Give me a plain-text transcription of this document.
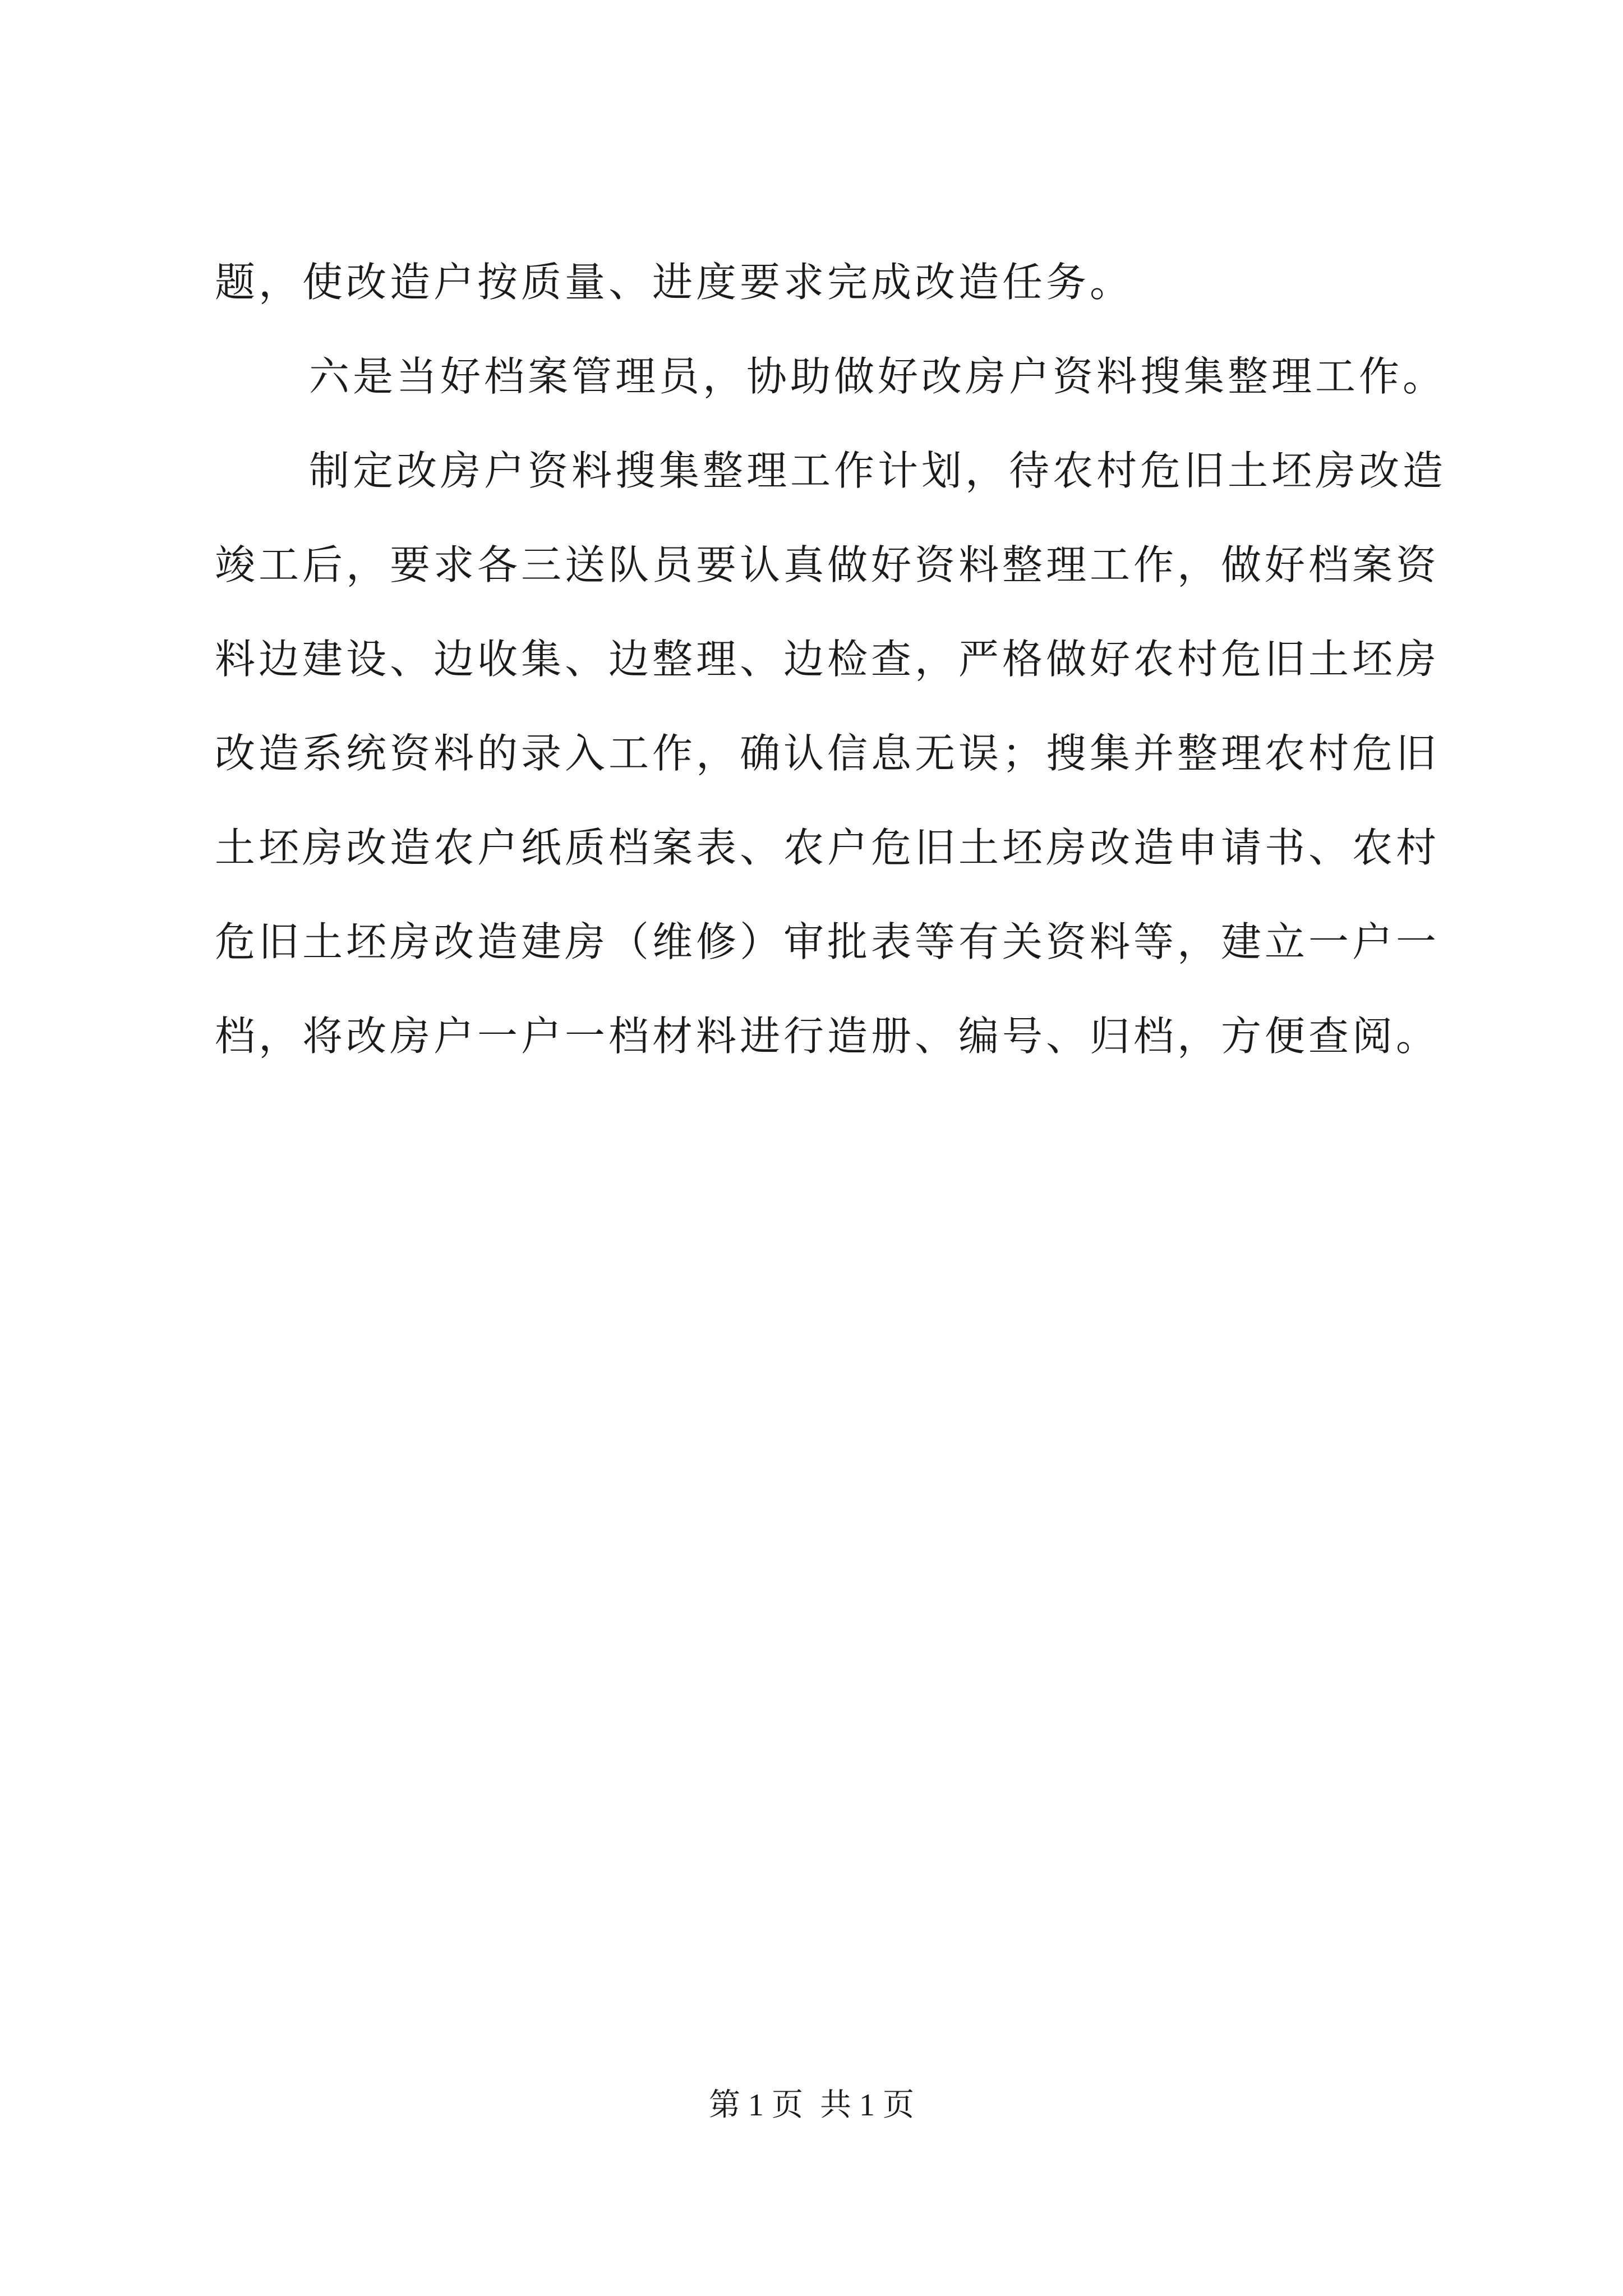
题，使改造户按质量、进度要求完成改造任务。
六是当好档案管理员，协助做好改房户资料搜集整理工作。
制定改房户资料搜集整理工作计划，待农村危旧土坯房改造
竣工后，要求各三送队员要认真做好资料整理工作，做好档案资
料边建设、边收集、边整理、边检查，严格做好农村危旧土坯房
改造系统资料的录入工作，确认信息无误；搜集并整理农村危旧
土坯房改造农户纸质档案表、农户危旧土坯房改造申请书、农村
危旧土坯房改造建房（维修）审批表等有关资料等，建立一户一
档，将改房户一户一档材料进行造册、编号、归档，方便查阅。
第 1 页 共 1 页
